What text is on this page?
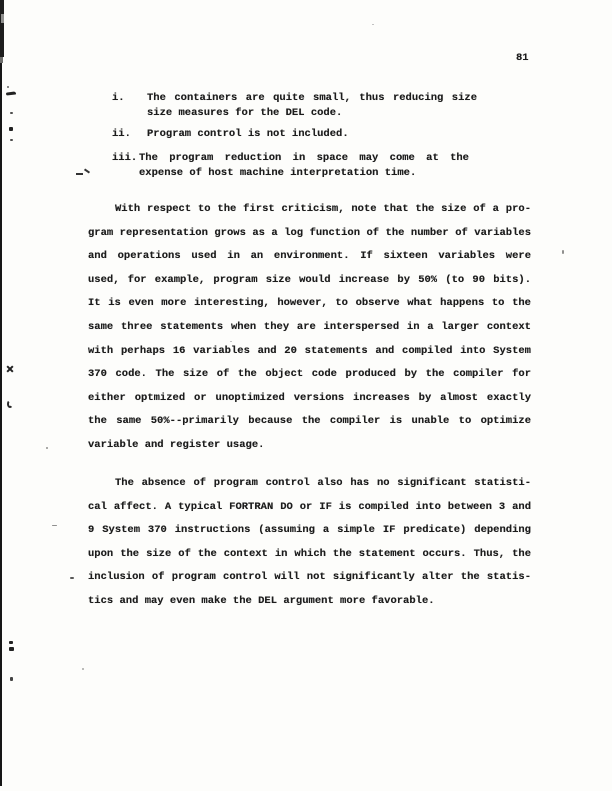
81
i.	The containers are quite small, thus reducing size
size measures for the DEL code.
ii.	Program control is not included.
iii. The program reduction in space may come at the
expense of host machine interpretation time.
With respect to the first criticism, note that the size of a pro-
gram representation grows as a log function of the number of variables
and operations used in an environment. If sixteen variables were
used, for example, program size would increase by 50% (to 90 bits).
It is even more interesting, however, to observe what happens to the
same three statements when they are interspersed in a larger context
with perhaps 16 variables and 20 statements and compiled into System
370 code. The size of the object code produced by the compiler for
either optmized or unoptimized versions increases by almost exactly
the same 50%--primarily because the compiler is unable to optimize
variable and register usage.
The absence of program control also has no significant statisti-
cal affect. A typical FORTRAN DO or IF is compiled into between 3 and
9 System 370 instructions (assuming a simple IF predicate) depending
upon the size of the context in which the statement occurs. Thus, the
inclusion of program control will not significantly alter the statis-
tics and may even make the DEL argument more favorable.
